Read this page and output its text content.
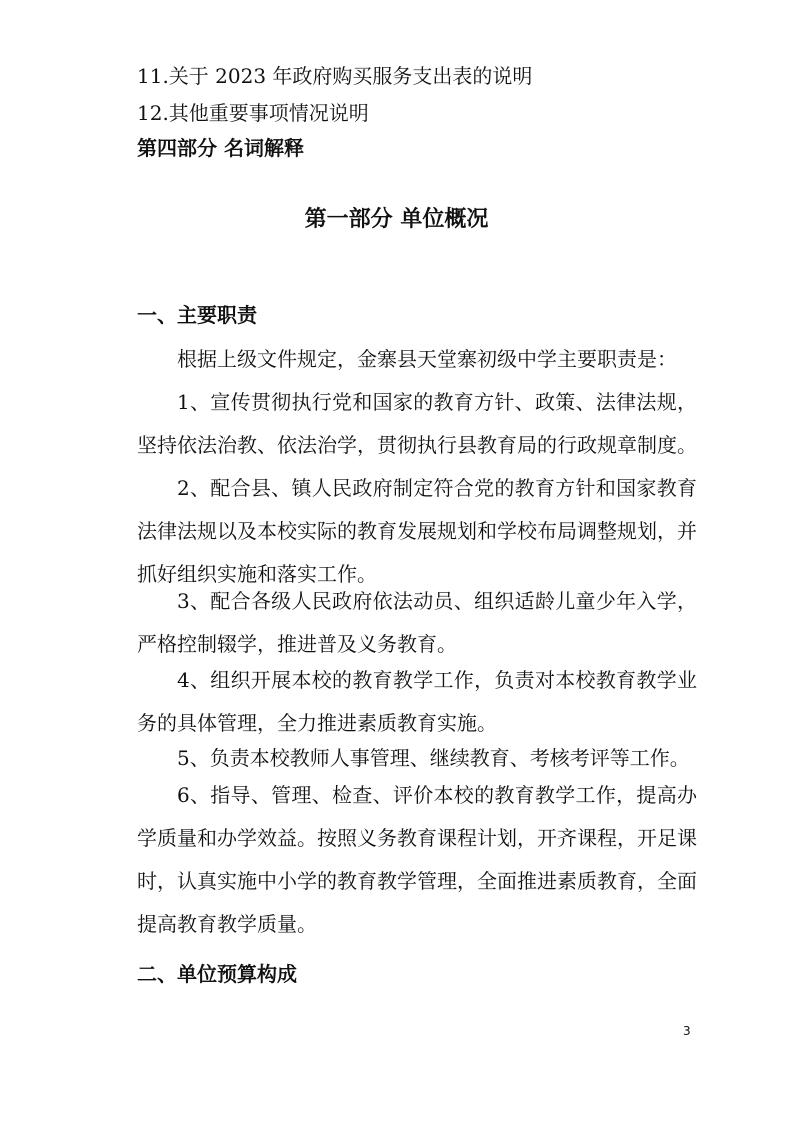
11.关于 2023 年政府购买服务支出表的说明
12.其他重要事项情况说明
第四部分 名词解释
第一部分 单位概况
一、主要职责
根据上级文件规定，金寨县天堂寨初级中学主要职责是：
1、宣传贯彻执行党和国家的教育方针、政策、法律法规，坚持依法治教、依法治学，贯彻执行县教育局的行政规章制度。
2、配合县、镇人民政府制定符合党的教育方针和国家教育法律法规以及本校实际的教育发展规划和学校布局调整规划，并抓好组织实施和落实工作。
3、配合各级人民政府依法动员、组织适龄儿童少年入学，严格控制辍学，推进普及义务教育。
4、组织开展本校的教育教学工作，负责对本校教育教学业务的具体管理，全力推进素质教育实施。
5、负责本校教师人事管理、继续教育、考核考评等工作。
6、指导、管理、检查、评价本校的教育教学工作，提高办学质量和办学效益。按照义务教育课程计划，开齐课程，开足课时，认真实施中小学的教育教学管理，全面推进素质教育，全面提高教育教学质量。
二、单位预算构成
3
